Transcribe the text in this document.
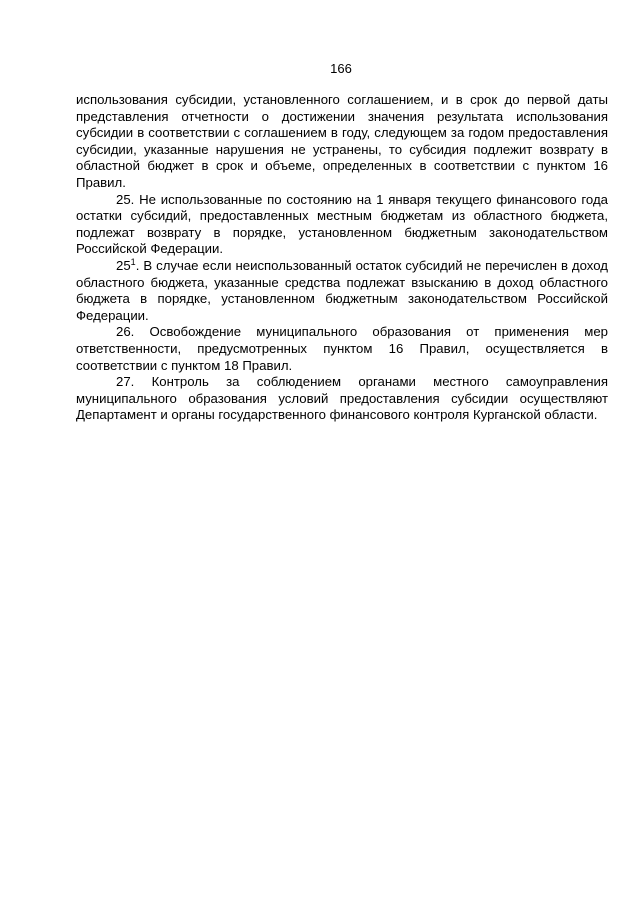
166

использования субсидии, установленного соглашением, и в срок до первой даты представления отчетности о достижении значения результата использования субсидии в соответствии с соглашением в году, следующем за годом предоставления субсидии, указанные нарушения не устранены, то субсидия подлежит возврату в областной бюджет в срок и объеме, определенных в соответствии с пунктом 16 Правил.

25. Не использованные по состоянию на 1 января текущего финансового года остатки субсидий, предоставленных местным бюджетам из областного бюджета, подлежат возврату в порядке, установленном бюджетным законодательством Российской Федерации.

$25^1$. В случае если неиспользованный остаток субсидий не перечислен в доход областного бюджета, указанные средства подлежат взысканию в доход областного бюджета в порядке, установленном бюджетным законодательством Российской Федерации.

26. Освобождение муниципального образования от применения мер ответственности, предусмотренных пунктом 16 Правил, осуществляется в соответствии с пунктом 18 Правил.

27. Контроль за соблюдением органами местного самоуправления муниципального образования условий предоставления субсидии осуществляют Департамент и органы государственного финансового контроля Курганской области.
